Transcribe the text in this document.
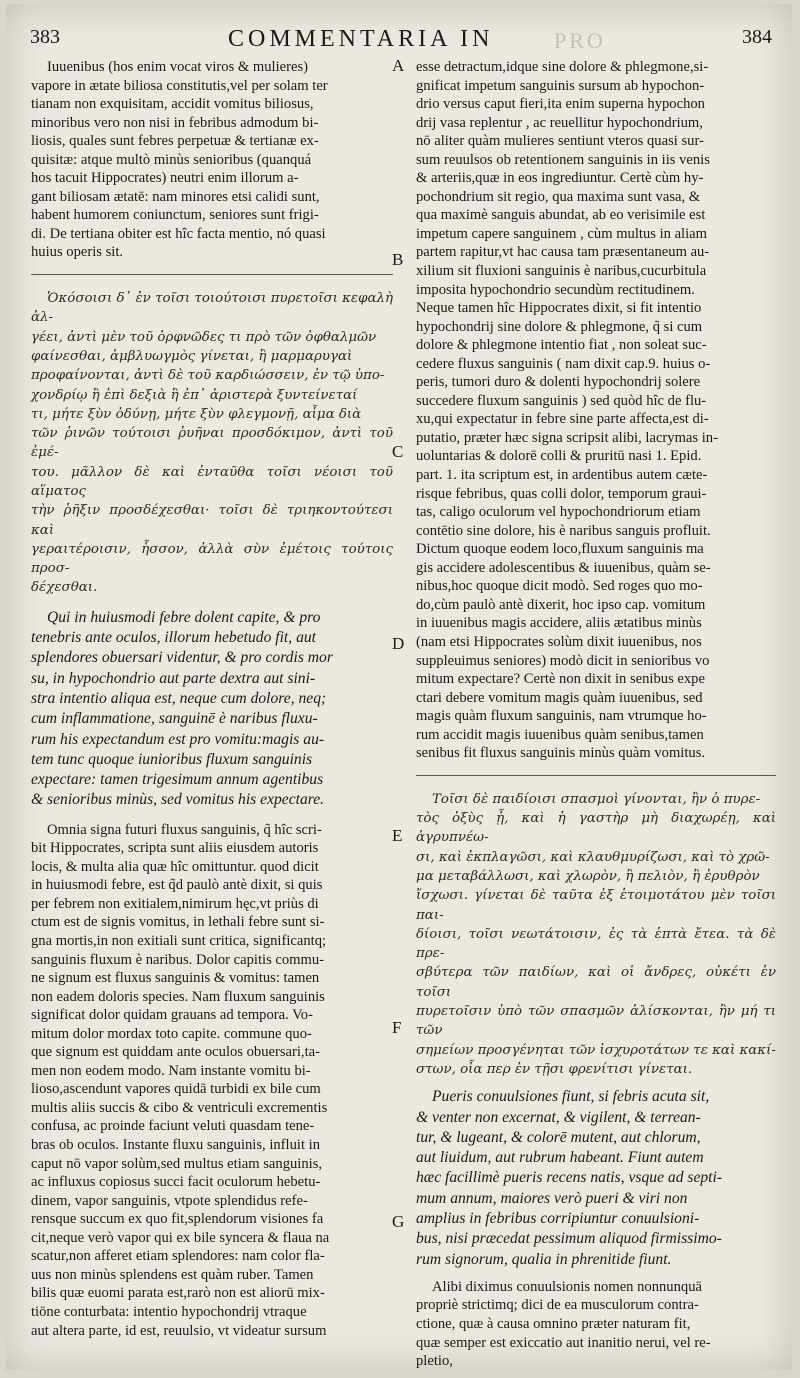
383	COMMENTARIA IN	PRO	384
A
B
C
D
E
F
G

Iuuenibus (hos enim vocat viros & mulieres)

vapore in ætate biliosa constitutis,vel per solam ter

tianam non exquisitam, accidit vomitus biliosus,

minoribus vero non nisi in febribus admodum bi-

liosis, quales sunt febres perpetuæ & tertianæ ex-

quisitæ: atque multò minùs senioribus (quanquá

hos tacuit Hippocrates) neutri enim illorum a-

gant biliosam ætatē: nam minores etsi calidi sunt,

habent humorem coniunctum, seniores sunt frigi-

di. De tertiana obiter est hîc facta mentio, nó quasi

huius operis sit.

Ὁκόσοισι δ᾽ ἐν τοῖσι τοιούτοισι πυρετοῖσι κεφαλὴ ἀλ-

γέει, ἀντὶ μὲν τοῦ ὀρφνῶδες τι πρὸ τῶν ὀφθαλμῶν

φαίνεσθαι, ἀμβλυωγμὸς γίνεται, ἢ μαρμαρυγαὶ

προφαίνονται, ἀντὶ δὲ τοῦ καρδιώσσειν, ἐν τῷ ὑπο-

χονδρίῳ ἢ ἐπὶ δεξιὰ ἢ ἐπ᾽ ἀριστερὰ ξυντείνεταί

τι, μήτε ξὺν ὀδύνῃ, μήτε ξὺν φλεγμονῇ, αἷμα διὰ

τῶν ῥινῶν τούτοισι ῥυῆναι προσδόκιμον, ἀντὶ τοῦ ἐμέ-

του. μᾶλλον δὲ καὶ ἐνταῦθα τοῖσι νέοισι τοῦ αἵματος

τὴν ῥῆξιν προσδέχεσθαι· τοῖσι δὲ τριηκοντούτεσι καὶ

γεραιτέροισιν, ἧσσον, ἀλλὰ σὺν ἐμέτοις τούτοις προσ-

δέχεσθαι.

Qui in huiusmodi febre dolent capite, & pro

tenebris ante oculos, illorum hebetudo fit, aut

splendores obuersari videntur, & pro cordis mor

su, in hypochondrio aut parte dextra aut sini-

stra intentio aliqua est, neque cum dolore, neq;

cum inflammatione, sanguinē è naribus fluxu-

rum his expectandum est pro vomitu:magis au-

tem tunc quoque iunioribus fluxum sanguinis

expectare: tamen trigesimum annum agentibus

& senioribus minùs, sed vomitus his expectare.

Omnia signa futuri fluxus sanguinis, q̃ hîc scri-

bit Hippocrates, scripta sunt aliis eiusdem autoris

locis, & multa alia quæ hîc omittuntur. quod dicit

in huiusmodi febre, est q̃d paulò antè dixit, si quis

per febrem non exitialem,nimirum hęc,vt priùs di

ctum est de signis vomitus, in lethali febre sunt si-

gna mortis,in non exitiali sunt critica, significantq;

sanguinis fluxum è naribus. Dolor capitis commu-

ne signum est fluxus sanguinis & vomitus: tamen

non eadem doloris species. Nam fluxum sanguinis

significat dolor quidam grauans ad tempora. Vo-

mitum dolor mordax toto capite. commune quo-

que signum est quiddam ante oculos obuersari,ta-

men non eodem modo. Nam instante vomitu bi-

lioso,ascendunt vapores quidā turbidi ex bile cum

multis aliis succis & cibo & ventriculi excrementis

confusa, ac proinde faciunt veluti quasdam tene-

bras ob oculos. Instante fluxu sanguinis, influit in

caput nō vapor solùm,sed multus etiam sanguinis,

ac influxus copiosus succi facit oculorum hebetu-

dinem, vapor sanguinis, vtpote splendidus refe-

rensque succum ex quo fit,splendorum visiones fa

cit,neque verò vapor qui ex bile syncera & flaua na

scatur,non afferet etiam splendores: nam color fla-

uus non minùs splendens est quàm ruber. Tamen

bilis quæ euomi parata est,rarò non est aliorū mix-

tiōne conturbata: intentio hypochondrij vtraque

aut altera parte, id est, reuulsio, vt videatur sursum

esse detractum,idque sine dolore & phlegmone,si-

gnificat impetum sanguinis sursum ab hypochon-

drio versus caput fieri,ita enim superna hypochon

drij vasa replentur , ac reuellitur hypochondrium,

nō aliter quàm mulieres sentiunt vteros quasi sur-

sum reuulsos ob retentionem sanguinis in iis venis

& arteriis,quæ in eos ingrediuntur. Certè cùm hy-

pochondrium sit regio, qua maxima sunt vasa, &

qua maximè sanguis abundat, ab eo verisimile est

impetum capere sanguinem , cùm multus in aliam

partem rapitur,vt hac causa tam præsentaneum au-

xilium sit fluxioni sanguinis è naribus,cucurbitula

imposita hypochondrio secundùm rectitudinem.

Neque tamen hîc Hippocrates dixit, si fit intentio

hypochondrij sine dolore & phlegmone, q̃ si cum

dolore & phlegmone intentio fiat , non soleat suc-

cedere fluxus sanguinis ( nam dixit cap.9. huius o-

peris, tumori duro & dolenti hypochondrij solere

succedere fluxum sanguinis ) sed quòd hîc de flu-

xu,qui expectatur in febre sine parte affecta,est di-

putatio, præter hæc signa scripsit alibi, lacrymas in-

uoluntarias & dolorē colli & pruritū nasi 1. Epid.

part. 1. ita scriptum est, in ardentibus autem cæte-

risque febribus, quas colli dolor, temporum graui-

tas, caligo oculorum vel hypochondriorum etiam

contētio sine dolore, his è naribus sanguis profluit.

Dictum quoque eodem loco,fluxum sanguinis ma

gis accidere adolescentibus & iuuenibus, quàm se-

nibus,hoc quoque dicit modò. Sed roges quo mo-

do,cùm paulò antè dixerit, hoc ipso cap. vomitum

in iuuenibus magis accidere, aliis ætatibus minùs

(nam etsi Hippocrates solùm dixit iuuenibus, nos

suppleuimus seniores) modò dicit in senioribus vo

mitum expectare? Certè non dixit in senibus expe

ctari debere vomitum magis quàm iuuenibus, sed

magis quàm fluxum sanguinis, nam vtrumque ho-

rum accidit magis iuuenibus quàm senibus,tamen

senibus fit fluxus sanguinis minùs quàm vomitus.

Τοῖσι δὲ παιδίοισι σπασμοὶ γίνονται, ἢν ὁ πυρε-

τὸς ὀξὺς ᾖ, καὶ ἡ γαστὴρ μὴ διαχωρέῃ, καὶ ἀγρυπνέω-

σι, καὶ ἐκπλαγῶσι, καὶ κλαυθμυρίζωσι, καὶ τὸ χρῶ-

μα μεταβάλλωσι, καὶ χλωρὸν, ἢ πελιὸν, ἢ ἐρυθρὸν

ἴσχωσι. γίνεται δὲ ταῦτα ἐξ ἑτοιμοτάτου μὲν τοῖσι παι-

δίοισι, τοῖσι νεωτάτοισιν, ἐς τὰ ἑπτὰ ἔτεα. τὰ δὲ πρε-

σβύτερα τῶν παιδίων, καὶ οἱ ἄνδρες, οὐκέτι ἐν τοῖσι

πυρετοῖσιν ὑπὸ τῶν σπασμῶν ἁλίσκονται, ἢν μή τι τῶν

σημείων προσγένηται τῶν ἰσχυροτάτων τε καὶ κακί-

στων, οἷα περ ἐν τῇσι φρενίτισι γίνεται.

Pueris conuulsiones fiunt, si febris acuta sit,

& venter non excernat, & vigilent, & terrean-

tur, & lugeant, & colorē mutent, aut chlorum,

aut liuidum, aut rubrum habeant. Fiunt autem

hæc facillimè pueris recens natis, vsque ad septi-

mum annum, maiores verò pueri & viri non

amplius in febribus corripiuntur conuulsioni-

bus, nisi præcedat pessimum aliquod firmissimo-

rum signorum, qualia in phrenitide fiunt.

Alibi diximus conuulsionis nomen nonnunquā

propriè strictimq; dici de ea musculorum contra-

ctione, quæ à causa omnino præter naturam fit,

quæ semper est exiccatio aut inanitio nerui, vel re-

pletio,
